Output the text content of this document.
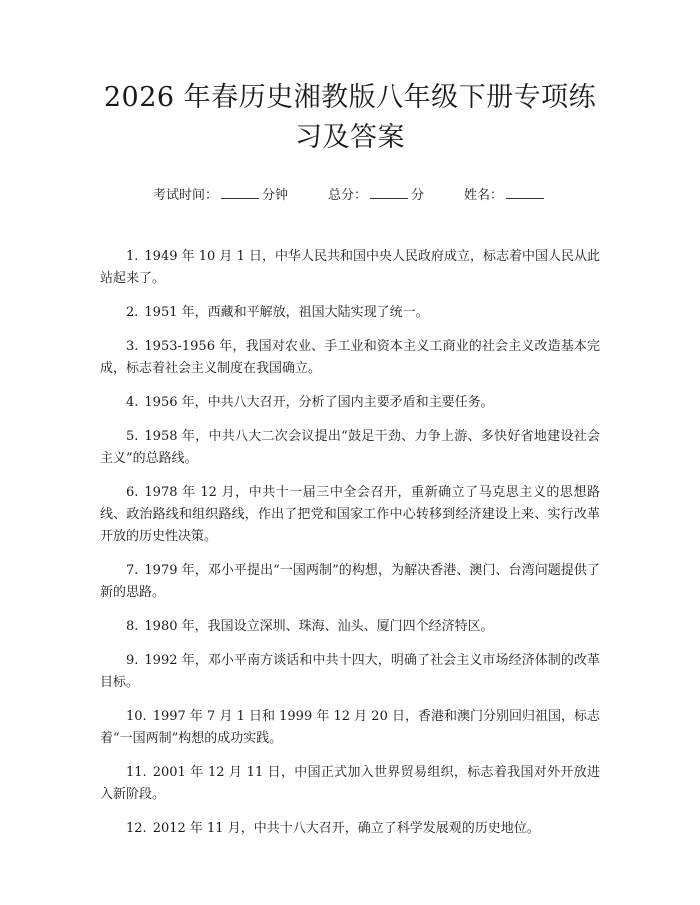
2026 年春历史湘教版八年级下册专项练习及答案
考试时间：	分钟	总分：	分	姓名：

1. 1949 年 10 月 1 日，中华人民共和国中央人民政府成立，标志着中国人民从此站起来了。

2. 1951 年，西藏和平解放，祖国大陆实现了统一。

3. 1953-1956 年，我国对农业、手工业和资本主义工商业的社会主义改造基本完成，标志着社会主义制度在我国确立。

4. 1956 年，中共八大召开，分析了国内主要矛盾和主要任务。

5. 1958 年，中共八大二次会议提出“鼓足干劲、力争上游、多快好省地建设社会主义”的总路线。

6. 1978 年 12 月，中共十一届三中全会召开，重新确立了马克思主义的思想路线、政治路线和组织路线，作出了把党和国家工作中心转移到经济建设上来、实行改革开放的历史性决策。

7. 1979 年，邓小平提出“一国两制”的构想，为解决香港、澳门、台湾问题提供了新的思路。

8. 1980 年，我国设立深圳、珠海、汕头、厦门四个经济特区。

9. 1992 年，邓小平南方谈话和中共十四大，明确了社会主义市场经济体制的改革目标。

10. 1997 年 7 月 1 日和 1999 年 12 月 20 日，香港和澳门分别回归祖国，标志着“一国两制”构想的成功实践。

11. 2001 年 12 月 11 日，中国正式加入世界贸易组织，标志着我国对外开放进入新阶段。

12. 2012 年 11 月，中共十八大召开，确立了科学发展观的历史地位。
